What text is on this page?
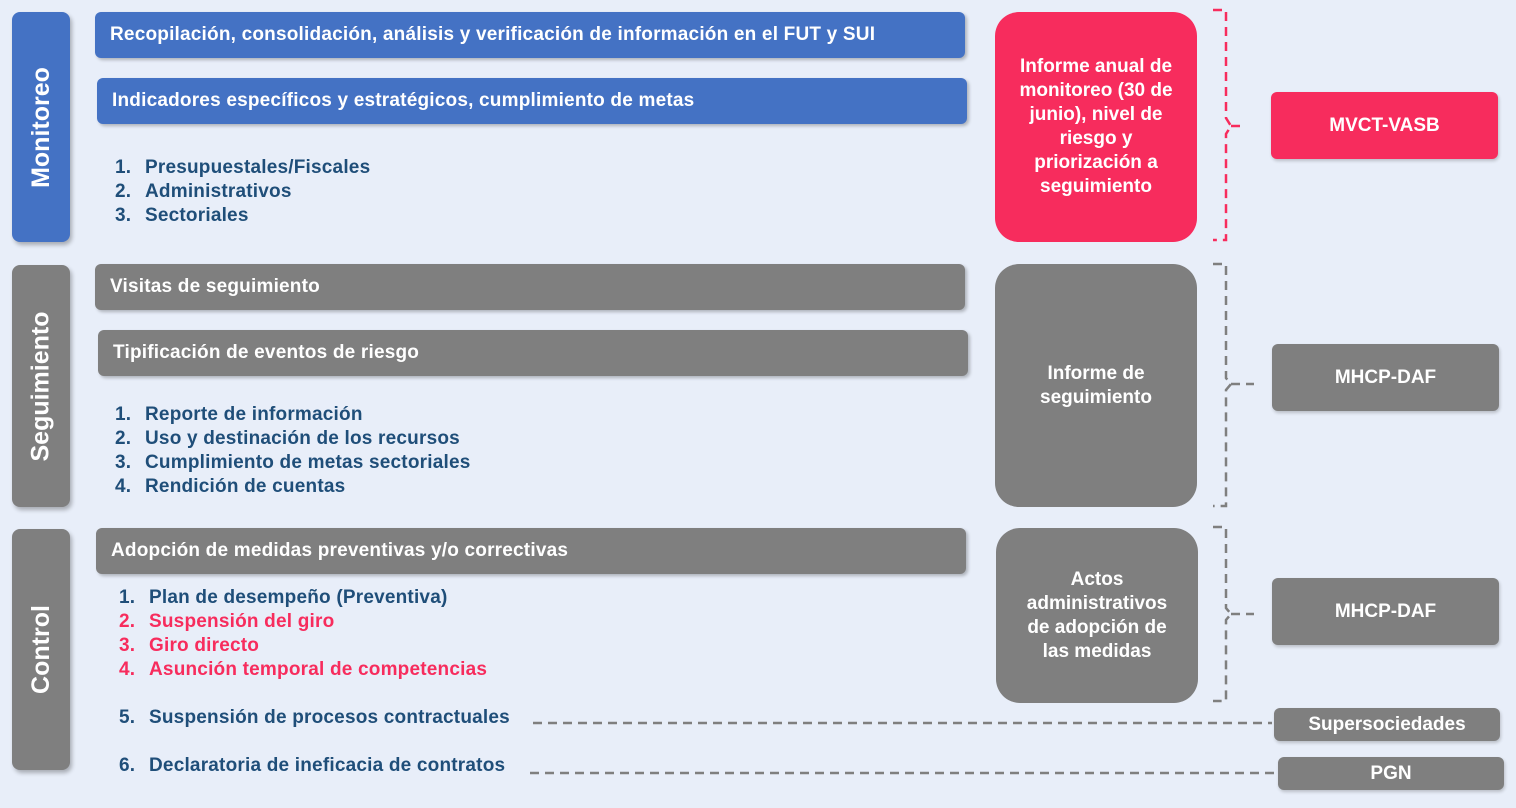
Monitoreo
Seguimiento
Control
Recopilación, consolidación, análisis y verificación de información en el FUT y SUI
Indicadores específicos y estratégicos, cumplimiento de metas
1. Presupuestales/Fiscales
2. Administrativos
3. Sectoriales
Informe anual de monitoreo (30 de junio), nivel de riesgo y priorización a seguimiento
MVCT-VASB
Visitas de seguimiento
Tipificación de eventos de riesgo
1. Reporte de información
2. Uso y destinación de los recursos
3. Cumplimiento de metas sectoriales
4. Rendición de cuentas
Informe de seguimiento
MHCP-DAF
Adopción de medidas preventivas y/o correctivas
1. Plan de desempeño (Preventiva)
2. Suspensión del giro
3. Giro directo
4. Asunción temporal de competencias
5. Suspensión de procesos contractuales
6. Declaratoria de ineficacia de contratos
Actos administrativos de adopción de las medidas
MHCP-DAF
Supersociedades
PGN
